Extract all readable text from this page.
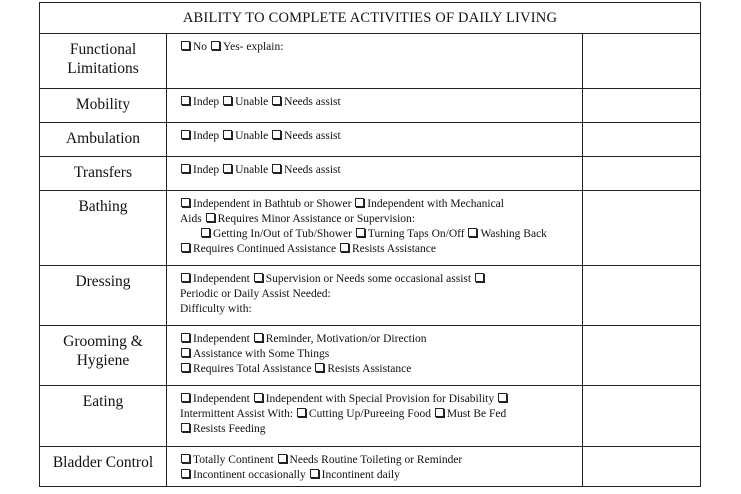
ABILITY TO COMPLETE ACTIVITIES OF DAILY LIVING		

Functional
Limitations	No Yes- explain:	

Mobility	Indep Unable Needs assist	

Ambulation	Indep Unable Needs assist	

Transfers	Indep Unable Needs assist	

Bathing	Independent in Bathtub or Shower Independent with Mechanical
Aids Requires Minor Assistance or Supervision:
Getting In/Out of Tub/Shower Turning Taps On/Off Washing Back
Requires Continued Assistance Resists Assistance	

Dressing	Independent Supervision or Needs some occasional assist
Periodic or Daily Assist Needed:
Difficulty with:	

Grooming &
Hygiene	Independent Reminder, Motivation/or Direction
Assistance with Some Things
Requires Total Assistance Resists Assistance	

Eating	Independent Independent with Special Provision for Disability
Intermittent Assist With: Cutting Up/Pureeing Food Must Be Fed
Resists Feeding	

Bladder Control	Totally Continent Needs Routine Toileting or Reminder
Incontinent occasionally Incontinent daily	
